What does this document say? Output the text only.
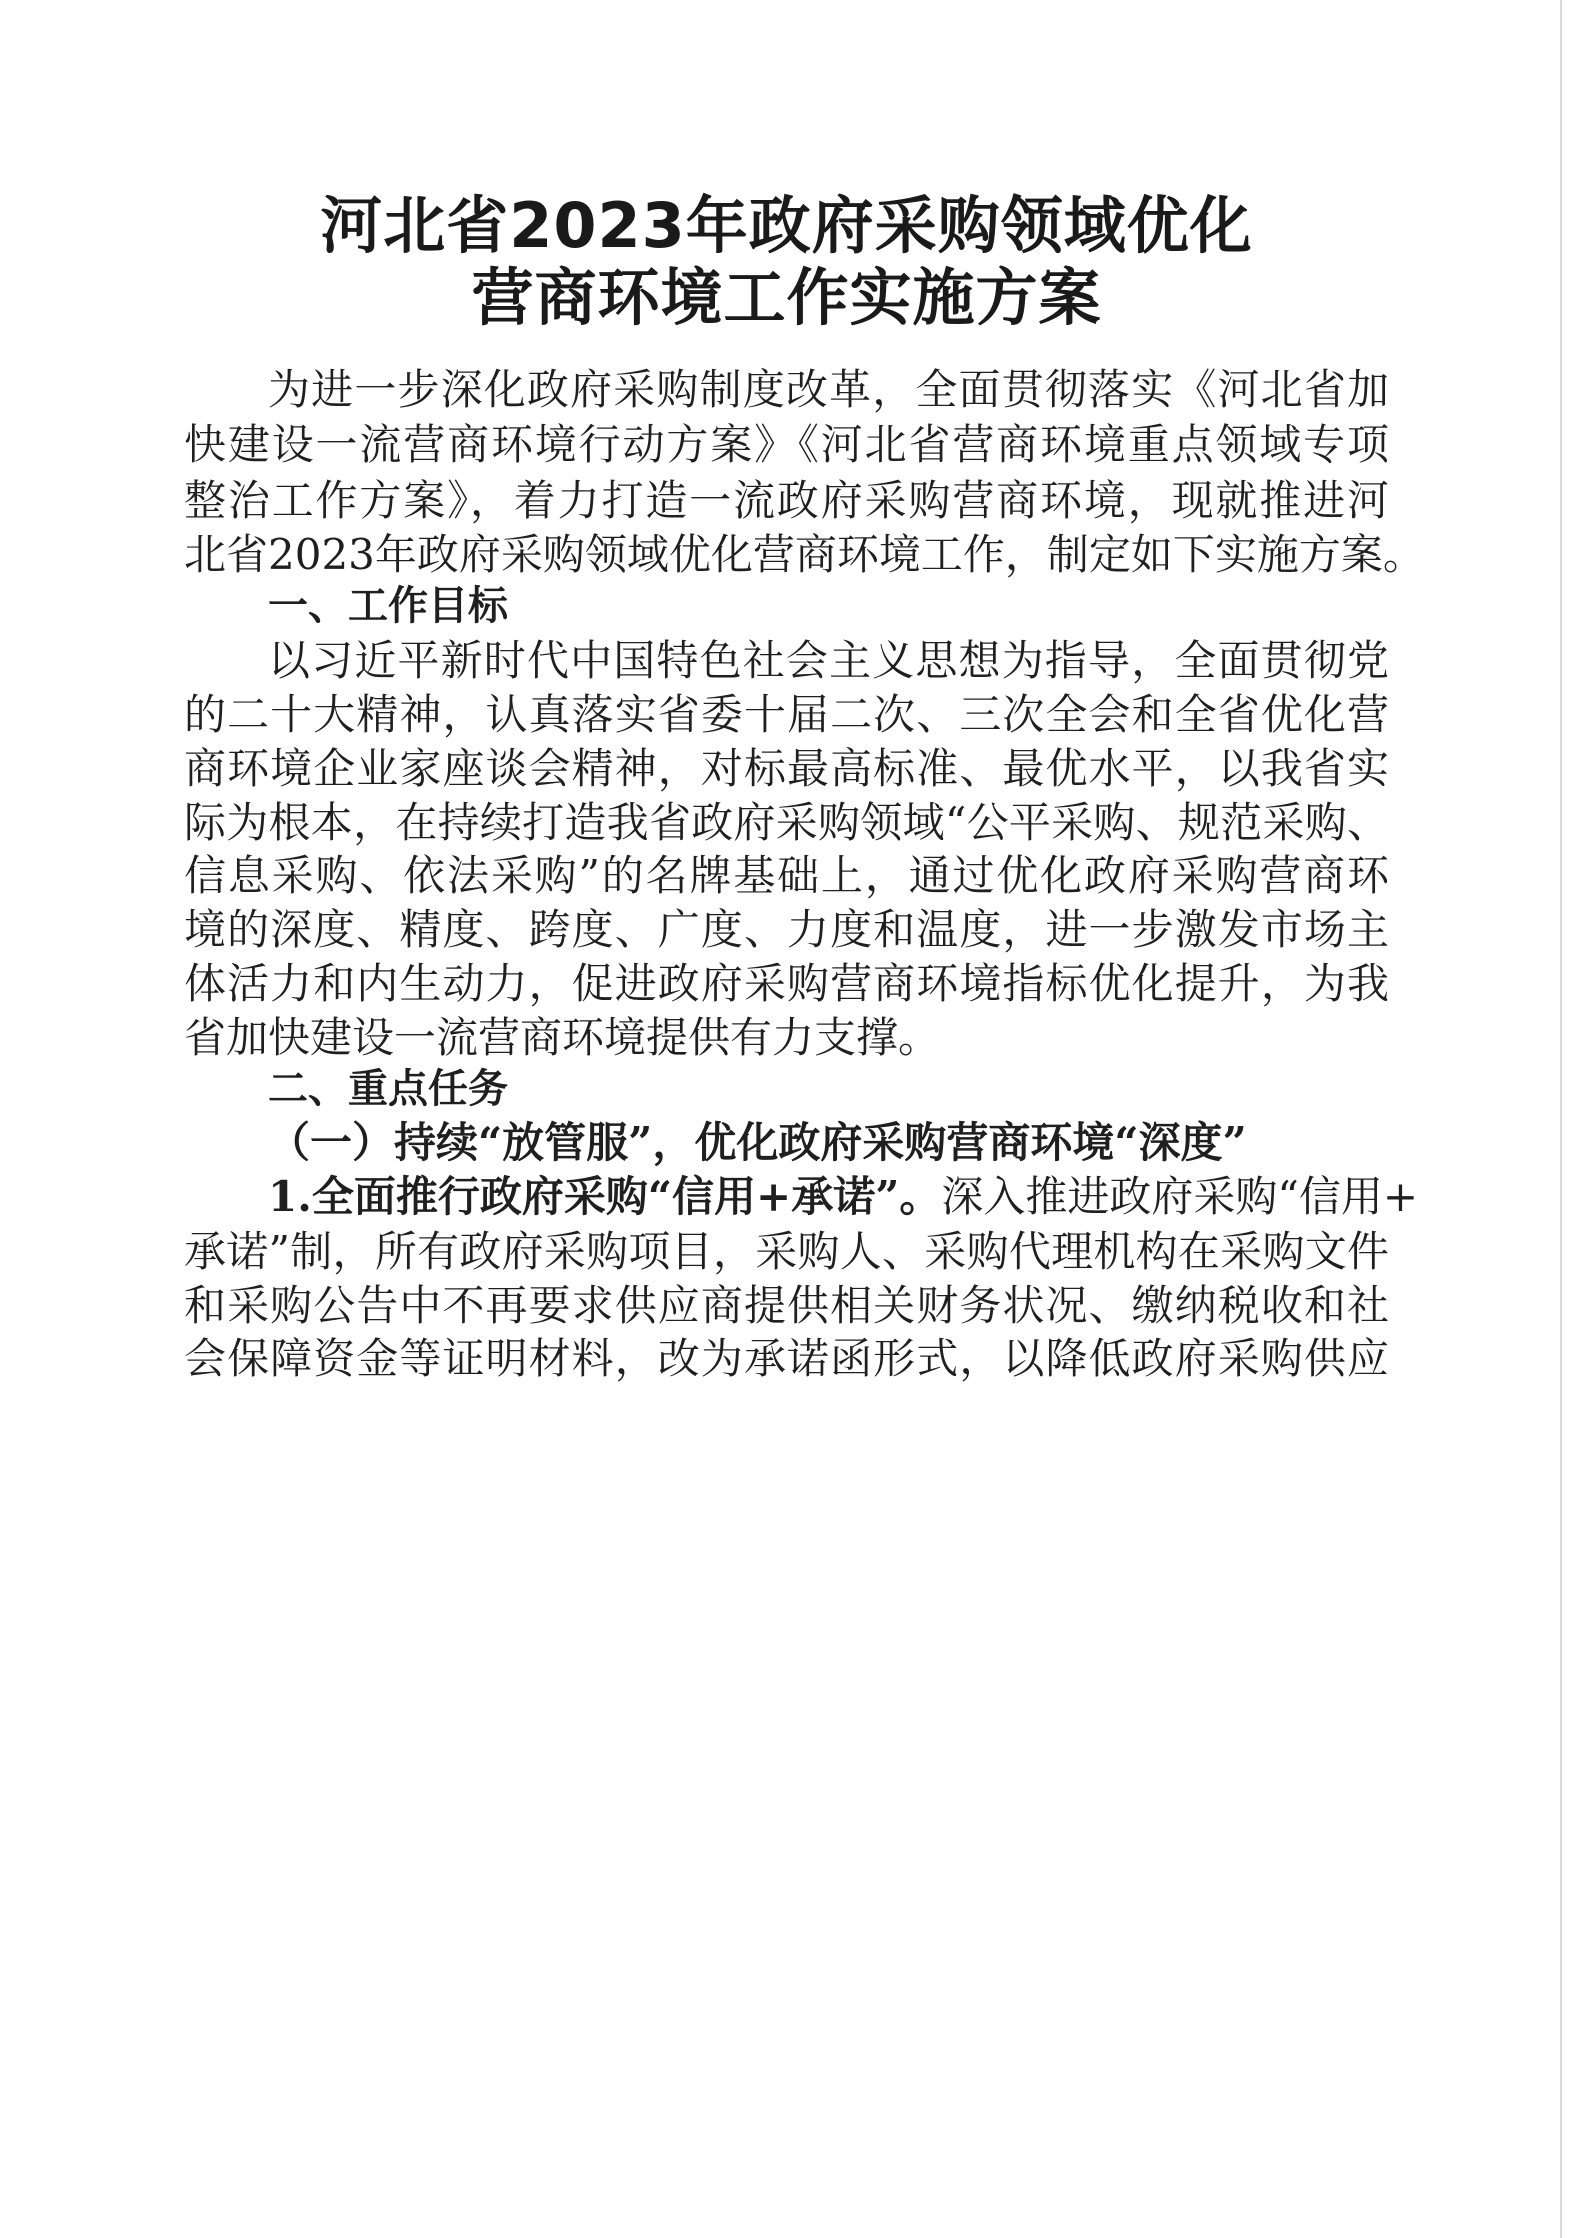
河北省2023年政府采购领域优化
营商环境工作实施方案
为进一步深化政府采购制度改革，全面贯彻落实《河北省加
快建设一流营商环境行动方案》《河北省营商环境重点领域专项
整治工作方案》，着力打造一流政府采购营商环境，现就推进河
北省2023年政府采购领域优化营商环境工作，制定如下实施方案。
一、工作目标
以习近平新时代中国特色社会主义思想为指导，全面贯彻党
的二十大精神，认真落实省委十届二次、三次全会和全省优化营
商环境企业家座谈会精神，对标最高标准、最优水平，以我省实
际为根本，在持续打造我省政府采购领域“公平采购、规范采购、
信息采购、依法采购”的名牌基础上，通过优化政府采购营商环
境的深度、精度、跨度、广度、力度和温度，进一步激发市场主
体活力和内生动力，促进政府采购营商环境指标优化提升，为我
省加快建设一流营商环境提供有力支撑。
二、重点任务
（一）持续“放管服”，优化政府采购营商环境“深度”
1.全面推行政府采购“信用+承诺”。深入推进政府采购“信用+
承诺”制，所有政府采购项目，采购人、采购代理机构在采购文件
和采购公告中不再要求供应商提供相关财务状况、缴纳税收和社
会保障资金等证明材料，改为承诺函形式，以降低政府采购供应
